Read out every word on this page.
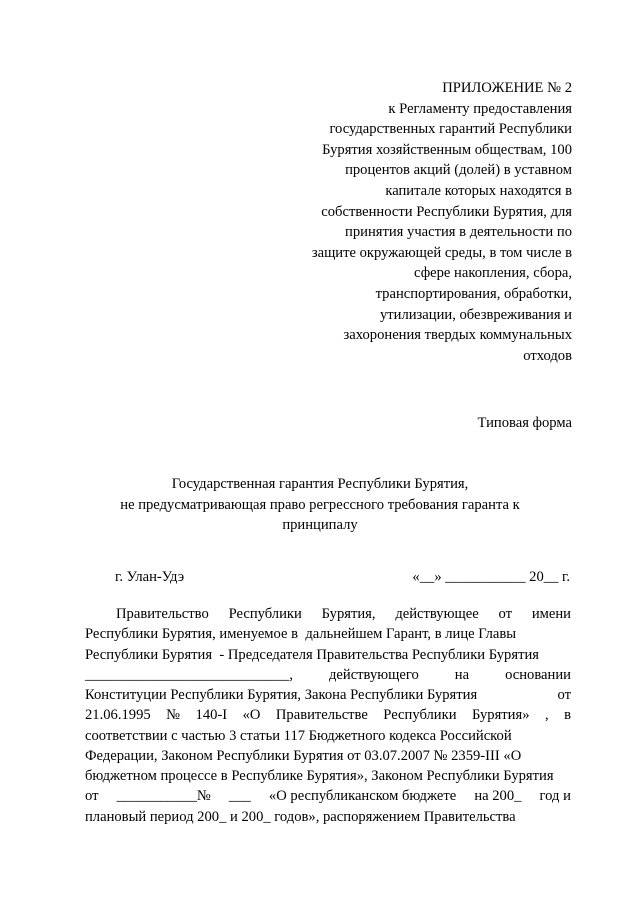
ПРИЛОЖЕНИЕ № 2
к Регламенту предоставления
государственных гарантий Республики
Бурятия хозяйственным обществам, 100
процентов акций (долей) в уставном
капитале которых находятся в
собственности Республики Бурятия, для
принятия участия в деятельности по
защите окружающей среды, в том числе в
сфере накопления, сбора,
транспортирования, обработки,
утилизации, обезвреживания и
захоронения твердых коммунальных
отходов
Типовая форма
Государственная гарантия Республики Бурятия,
не предусматривающая право регрессного требования гаранта к
принципалу
г. Улан-Удэ	«__» ___________ 20__ г.
Правительство Республики Бурятия, действующее от имени
Республики Бурятия, именуемое в  дальнейшем Гарант, в лице Главы
Республики Бурятия  - Председателя Правительства Республики Бурятия
____________________________, действующего на основании
Конституции Республики Бурятия, Закона Республики Бурятия	от
21.06.1995 № 140-I «О Правительстве Республики Бурятия» , в
соответствии с частью 3 статьи 117 Бюджетного кодекса Российской
Федерации, Законом Республики Бурятия от 03.07.2007 № 2359-III «О
бюджетном процессе в Республике Бурятия», Законом Республики Бурятия
от ___________№ ___ «О республиканском бюджете на 200_ год и
плановый период 200_ и 200_ годов», распоряжением Правительства
